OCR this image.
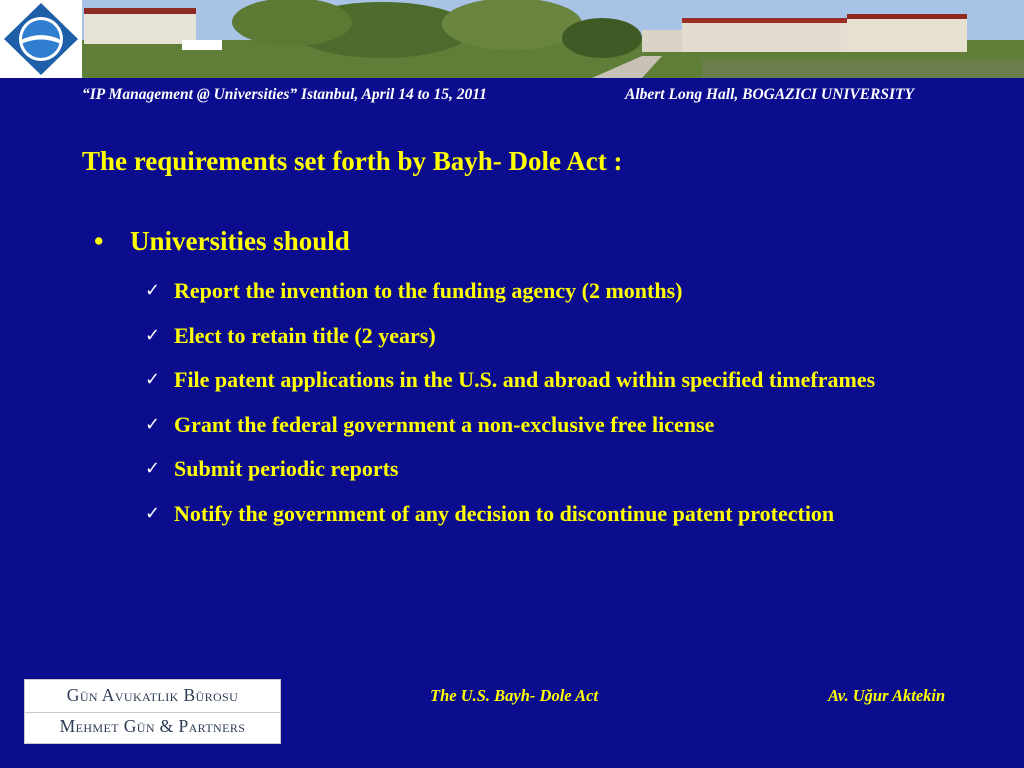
“IP Management @ Universities” Istanbul, April 14 to 15, 2011	Albert Long Hall, BOGAZICI UNIVERSITY
The requirements set forth by Bayh- Dole Act :
• Universities should
✓ Report the invention to the funding agency (2 months)
✓ Elect to retain title (2 years)
✓ File patent applications in the U.S. and abroad within specified timeframes
✓ Grant the federal government a non-exclusive free license
✓ Submit periodic reports
✓ Notify the government of any decision to discontinue patent protection
Gün Avukatlık Bürosu
Mehmet Gün & Partners
The U.S. Bayh- Dole Act	Av. Uğur Aktekin
